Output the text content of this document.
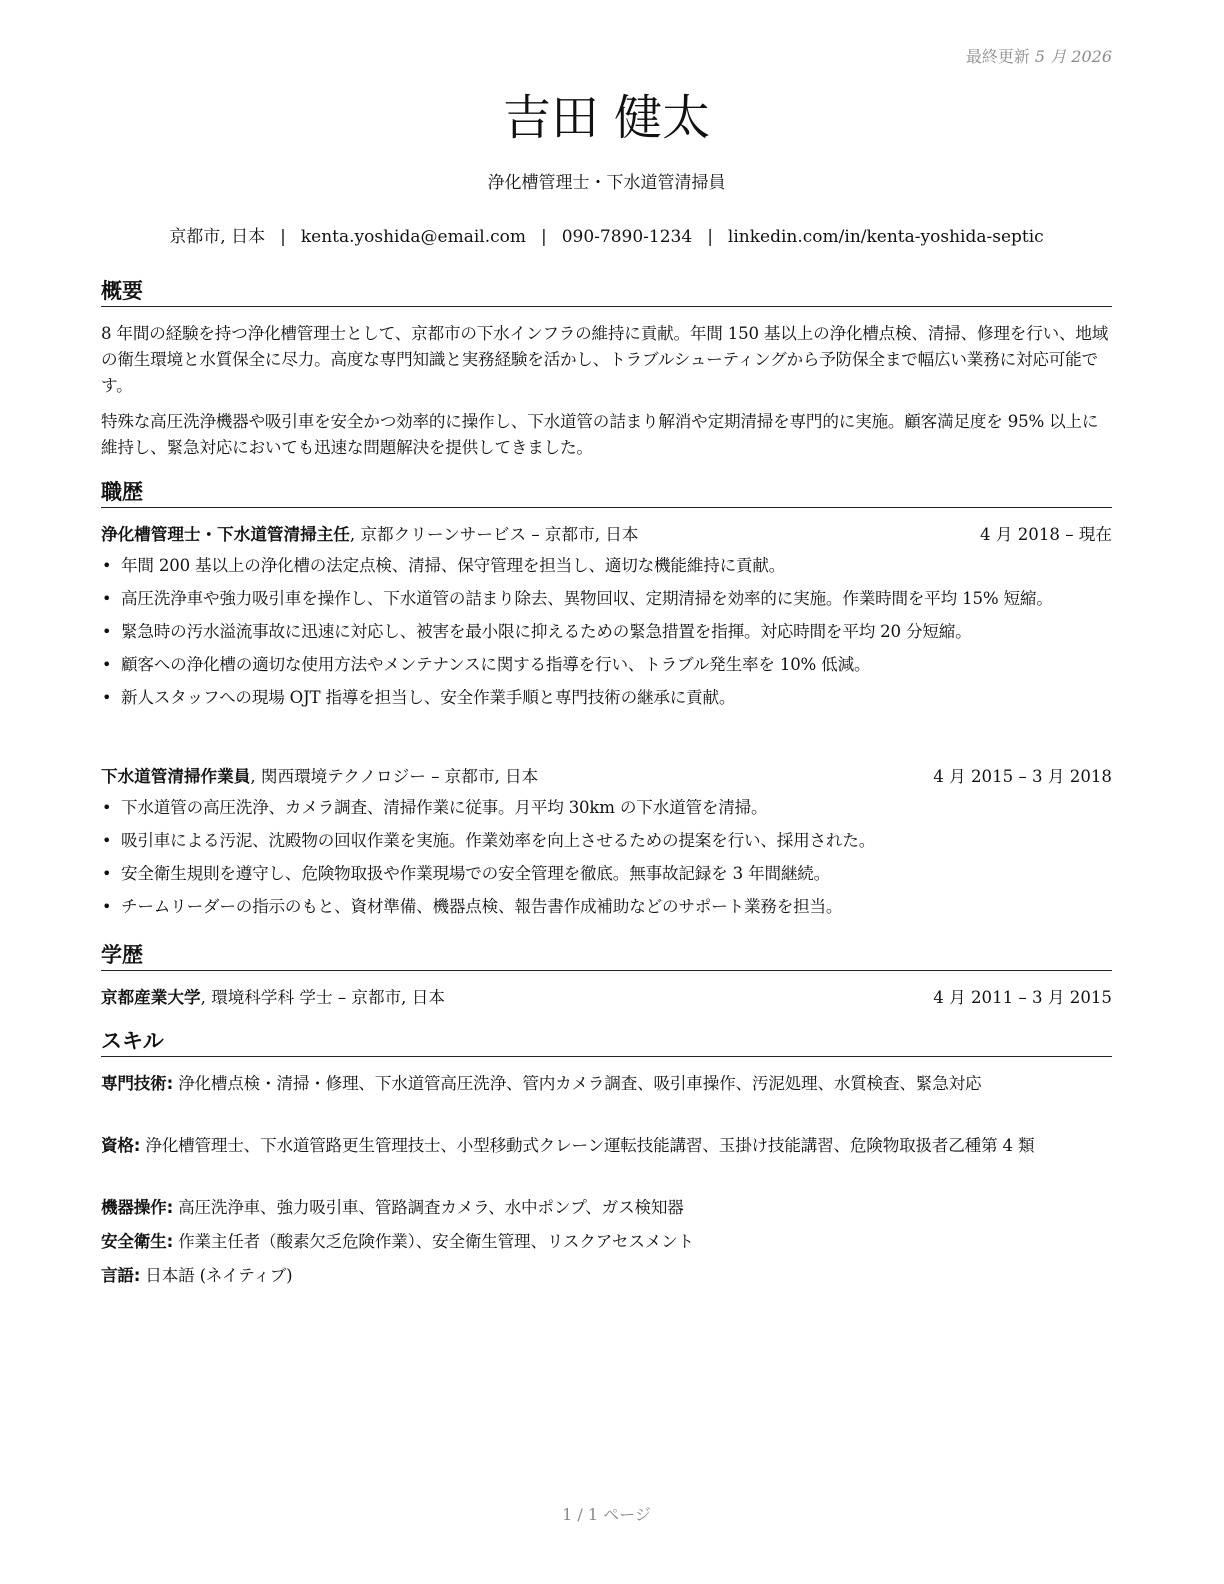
最終更新 5 月 2026
吉田 健太
浄化槽管理士・下水道管清掃員
京都市, 日本 | kenta.yoshida@email.com | 090-7890-1234 | linkedin.com/in/kenta-yoshida-septic
概要
8 年間の経験を持つ浄化槽管理士として、京都市の下水インフラの維持に貢献。年間 150 基以上の浄化槽点検、清掃、修理を行い、地域の衛生環境と水質保全に尽力。高度な専門知識と実務経験を活かし、トラブルシューティングから予防保全まで幅広い業務に対応可能です。
特殊な高圧洗浄機器や吸引車を安全かつ効率的に操作し、下水道管の詰まり解消や定期清掃を専門的に実施。顧客満足度を 95% 以上に維持し、緊急対応においても迅速な問題解決を提供してきました。
職歴
浄化槽管理士・下水道管清掃主任, 京都クリーンサービス – 京都市, 日本	4 月 2018 – 現在
• 年間 200 基以上の浄化槽の法定点検、清掃、保守管理を担当し、適切な機能維持に貢献。
• 高圧洗浄車や強力吸引車を操作し、下水道管の詰まり除去、異物回収、定期清掃を効率的に実施。作業時間を平均 15% 短縮。
• 緊急時の汚水溢流事故に迅速に対応し、被害を最小限に抑えるための緊急措置を指揮。対応時間を平均 20 分短縮。
• 顧客への浄化槽の適切な使用方法やメンテナンスに関する指導を行い、トラブル発生率を 10% 低減。
• 新人スタッフへの現場 OJT 指導を担当し、安全作業手順と専門技術の継承に貢献。
下水道管清掃作業員, 関西環境テクノロジー – 京都市, 日本	4 月 2015 – 3 月 2018
• 下水道管の高圧洗浄、カメラ調査、清掃作業に従事。月平均 30km の下水道管を清掃。
• 吸引車による汚泥、沈殿物の回収作業を実施。作業効率を向上させるための提案を行い、採用された。
• 安全衛生規則を遵守し、危険物取扱や作業現場での安全管理を徹底。無事故記録を 3 年間継続。
• チームリーダーの指示のもと、資材準備、機器点検、報告書作成補助などのサポート業務を担当。
学歴
京都産業大学, 環境科学科 学士 – 京都市, 日本	4 月 2011 – 3 月 2015
スキル
専門技術: 浄化槽点検・清掃・修理、下水道管高圧洗浄、管内カメラ調査、吸引車操作、汚泥処理、水質検査、緊急対応
資格: 浄化槽管理士、下水道管路更生管理技士、小型移動式クレーン運転技能講習、玉掛け技能講習、危険物取扱者乙種第 4 類
機器操作: 高圧洗浄車、強力吸引車、管路調査カメラ、水中ポンプ、ガス検知器
安全衛生: 作業主任者（酸素欠乏危険作業）、安全衛生管理、リスクアセスメント
言語: 日本語 (ネイティブ)
1 / 1 ページ
